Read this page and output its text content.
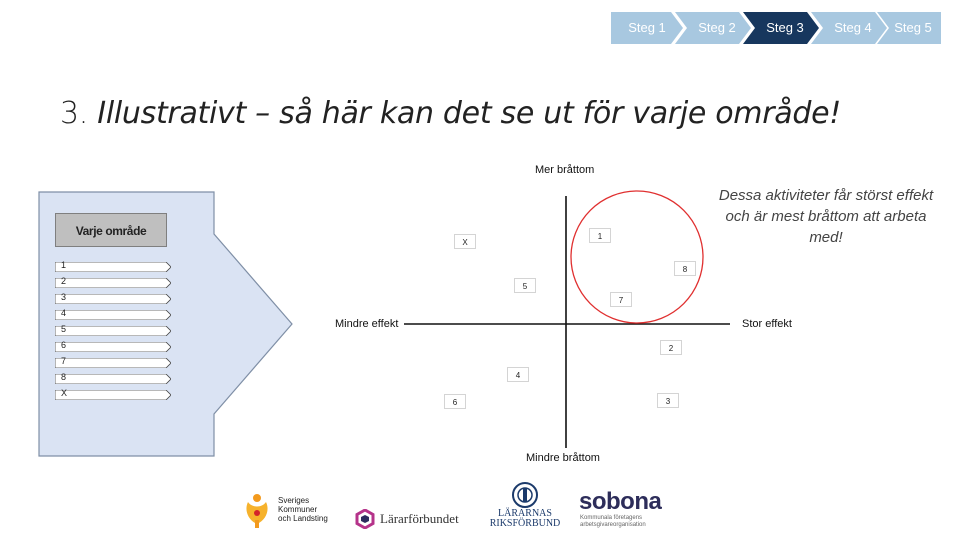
Steg 1	Steg 2	Steg 3	Steg 4	Steg 5
3. Illustrativt – så här kan det se ut för varje område!
Varje område
1
2
3
4
5
6
7
8
X
Mer bråttom
Mindre bråttom
Mindre effekt	Stor effekt
Dessa aktiviteter får störst effekt och är mest bråttom att arbeta med!
1
8
5
7
X
2
4
3
6
Sveriges
Kommuner
och Landsting	Lärarförbundet	LÄRARNAS
RIKSFÖRBUND
sobona
Kommunala företagens
arbetsgivareorganisation
